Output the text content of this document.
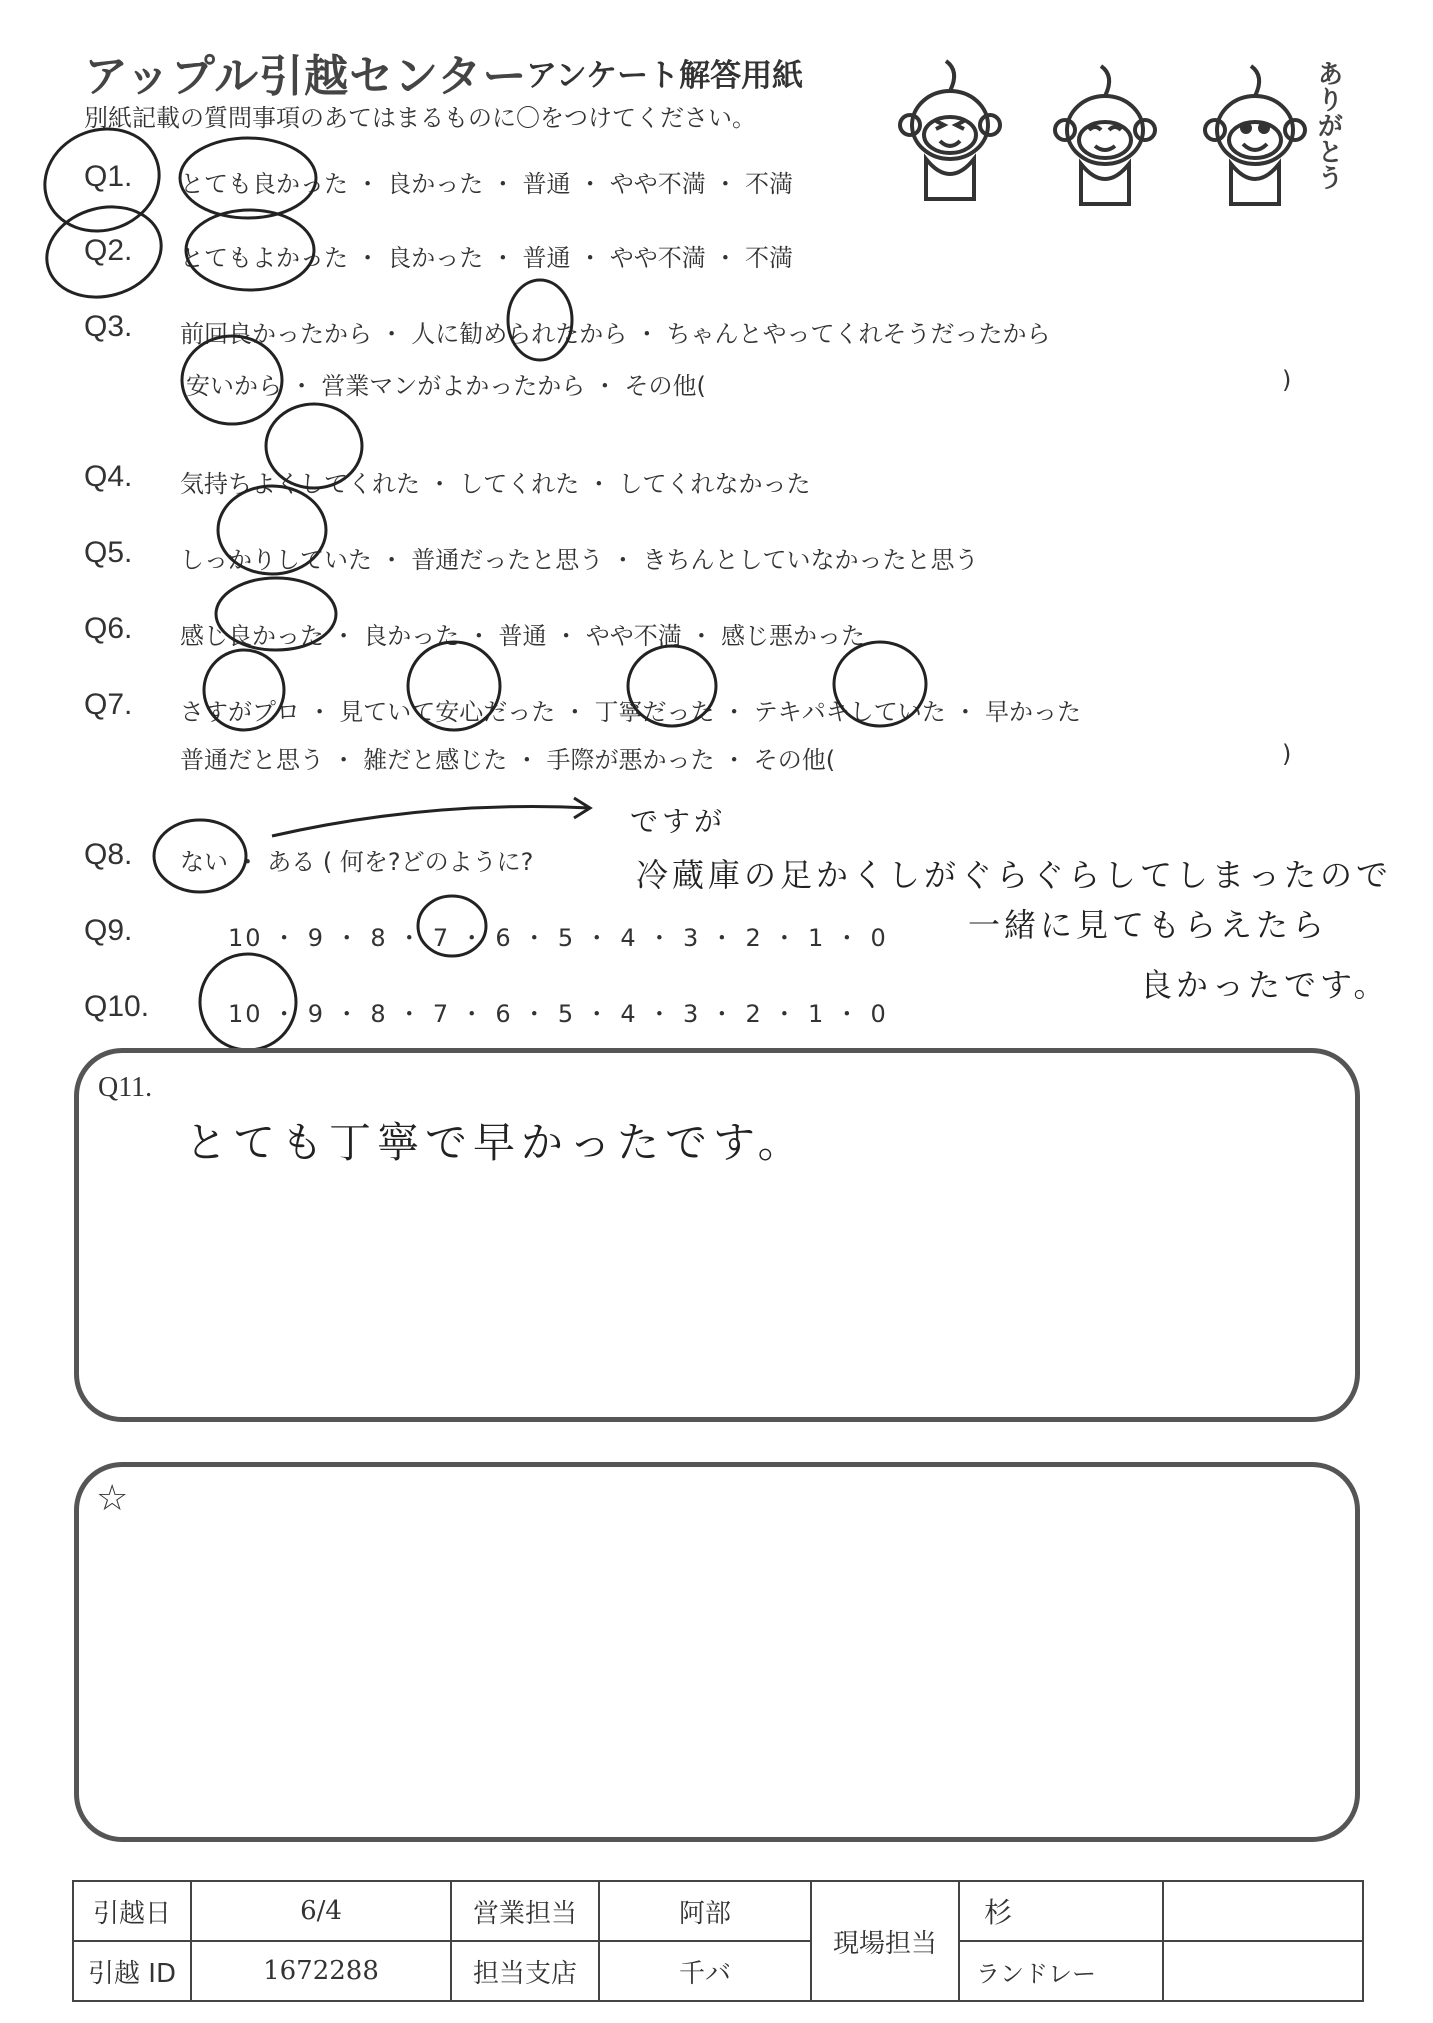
アップル引越センター
アンケート解答用紙
別紙記載の質問事項のあてはまるものに〇をつけてください。	ありがとう
Q1. とても良かった ・ 良かった ・ 普通 ・ やや不満 ・ 不満
Q2. とてもよかった ・ 良かった ・ 普通 ・ やや不満 ・ 不満
Q3. 前回良かったから ・ 人に勧められたから ・ ちゃんとやってくれそうだったから
安いから ・ 営業マンがよかったから ・ その他(	)
Q4. 気持ちよくしてくれた ・ してくれた ・ してくれなかった
Q5. しっかりしていた ・ 普通だったと思う ・ きちんとしていなかったと思う
Q6. 感じ良かった ・ 良かった ・ 普通 ・ やや不満 ・ 感じ悪かった
Q7. さすがプロ ・ 見ていて安心だった ・ 丁寧だった ・ テキパキしていた ・ 早かった
普通だと思う ・ 雑だと感じた ・ 手際が悪かった ・ その他(	)
Q8. ない ・ ある ( 何を?どのように?
Q9.	10 ・ 9 ・ 8 ・ 7 ・ 6 ・ 5 ・ 4 ・ 3 ・ 2 ・ 1 ・ 0
Q10.	10 ・ 9 ・ 8 ・ 7 ・ 6 ・ 5 ・ 4 ・ 3 ・ 2 ・ 1 ・ 0
ですが
冷蔵庫の足かくしがぐらぐらしてしまったので
一緒に見てもらえたら
良かったです。
Q11.
とても丁寧で早かったです。
☆
引越日	6/4	営業担当	阿部	現場担当	杉	
引越 ID	1672288	担当支店	千バ		ランドレー	
